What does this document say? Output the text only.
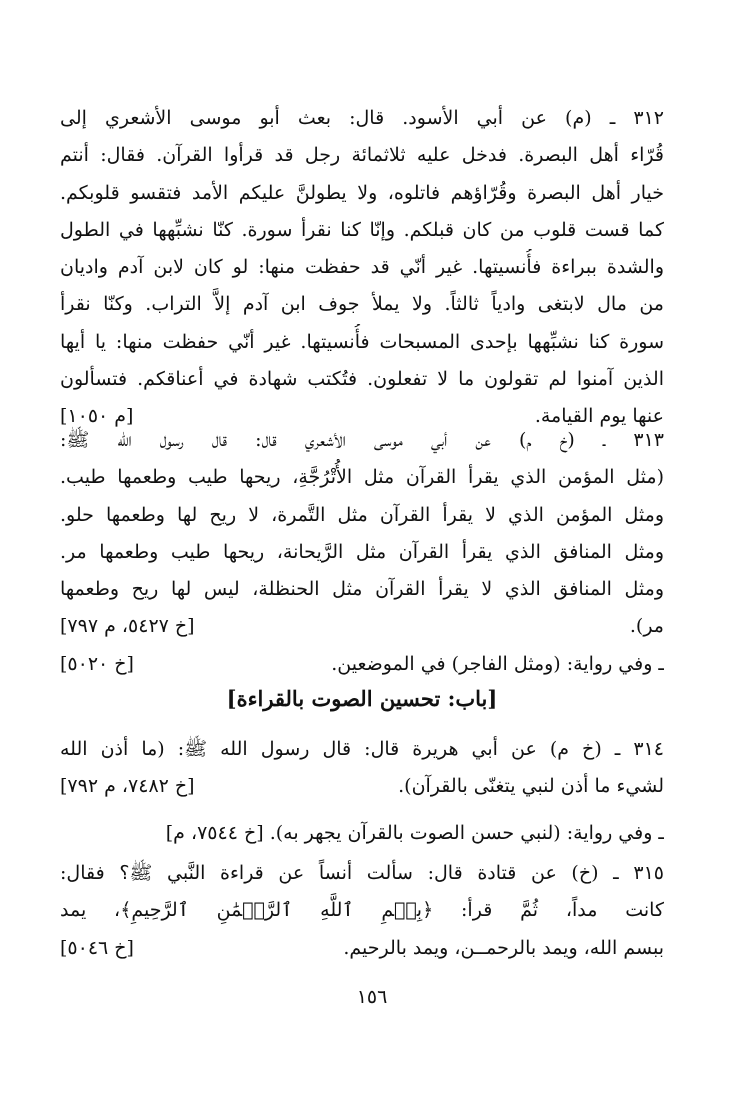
٣١٢ ـ (م) عن أبي الأسود. قال: بعث أبو موسى الأشعري إلى
قُرّاء أهل البصرة. فدخل عليه ثلاثمائة رجل قد قرأوا القرآن. فقال: أنتم
خيار أهل البصرة وقُرّاؤهم فاتلوه، ولا يطولنَّ عليكم الأمد فتقسو قلوبكم.
كما قست قلوب من كان قبلكم. وإنّا كنا نقرأ سورة. كنّا نشبِّهها في الطول
والشدة ببراءة فأُنسيتها. غير أنّي قد حفظت منها: لو كان لابن آدم واديان
من مال لابتغى وادياً ثالثاً. ولا يملأ جوف ابن آدم إلاَّ التراب. وكنّا نقرأ
سورة كنا نشبِّهها بإحدى المسبحات فأُنسيتها. غير أنّي حفظت منها: يا أيها
الذين آمنوا لم تقولون ما لا تفعلون. فتُكتب شهادة في أعناقكم. فتسألون
عنها يوم القيامة.
[م ١٠٥٠]
٣١٣ ـ (خ م) عن أبي موسى الأشعري قال: قال رسول الله ﷺ:
(مثل المؤمن الذي يقرأ القرآن مثل الأُتْرُجَّةِ، ريحها طيب وطعمها طيب.
ومثل المؤمن الذي لا يقرأ القرآن مثل التَّمرة، لا ريح لها وطعمها حلو.
ومثل المنافق الذي يقرأ القرآن مثل الرَّيحانة، ريحها طيب وطعمها مر.
ومثل المنافق الذي لا يقرأ القرآن مثل الحنظلة، ليس لها ريح وطعمها
مر).
[خ ٥٤٢٧، م ٧٩٧]
ـ وفي رواية: (ومثل الفاجر) في الموضعين.
[خ ٥٠٢٠]
[باب: تحسين الصوت بالقراءة]
٣١٤ ـ (خ م) عن أبي هريرة قال: قال رسول الله ﷺ: (ما أذن الله
لشيء ما أذن لنبي يتغنّى بالقرآن).
[خ ٧٤٨٢، م ٧٩٢]
ـ وفي رواية: (لنبي حسن الصوت بالقرآن يجهر به). [خ ٧٥٤٤، م]
٣١٥ ـ (خ) عن قتادة قال: سألت أنساً عن قراءة النَّبي ﷺ؟ فقال:
كانت مداً، ثُمَّ قرأ: ﴿بِسۡمِ ٱللَّهِ ٱلرَّحۡمَٰنِ ٱلرَّحِيمِ﴾، يمد
ببسم الله، ويمد بالرحمــن، ويمد بالرحيم.
[خ ٥٠٤٦]
١٥٦
